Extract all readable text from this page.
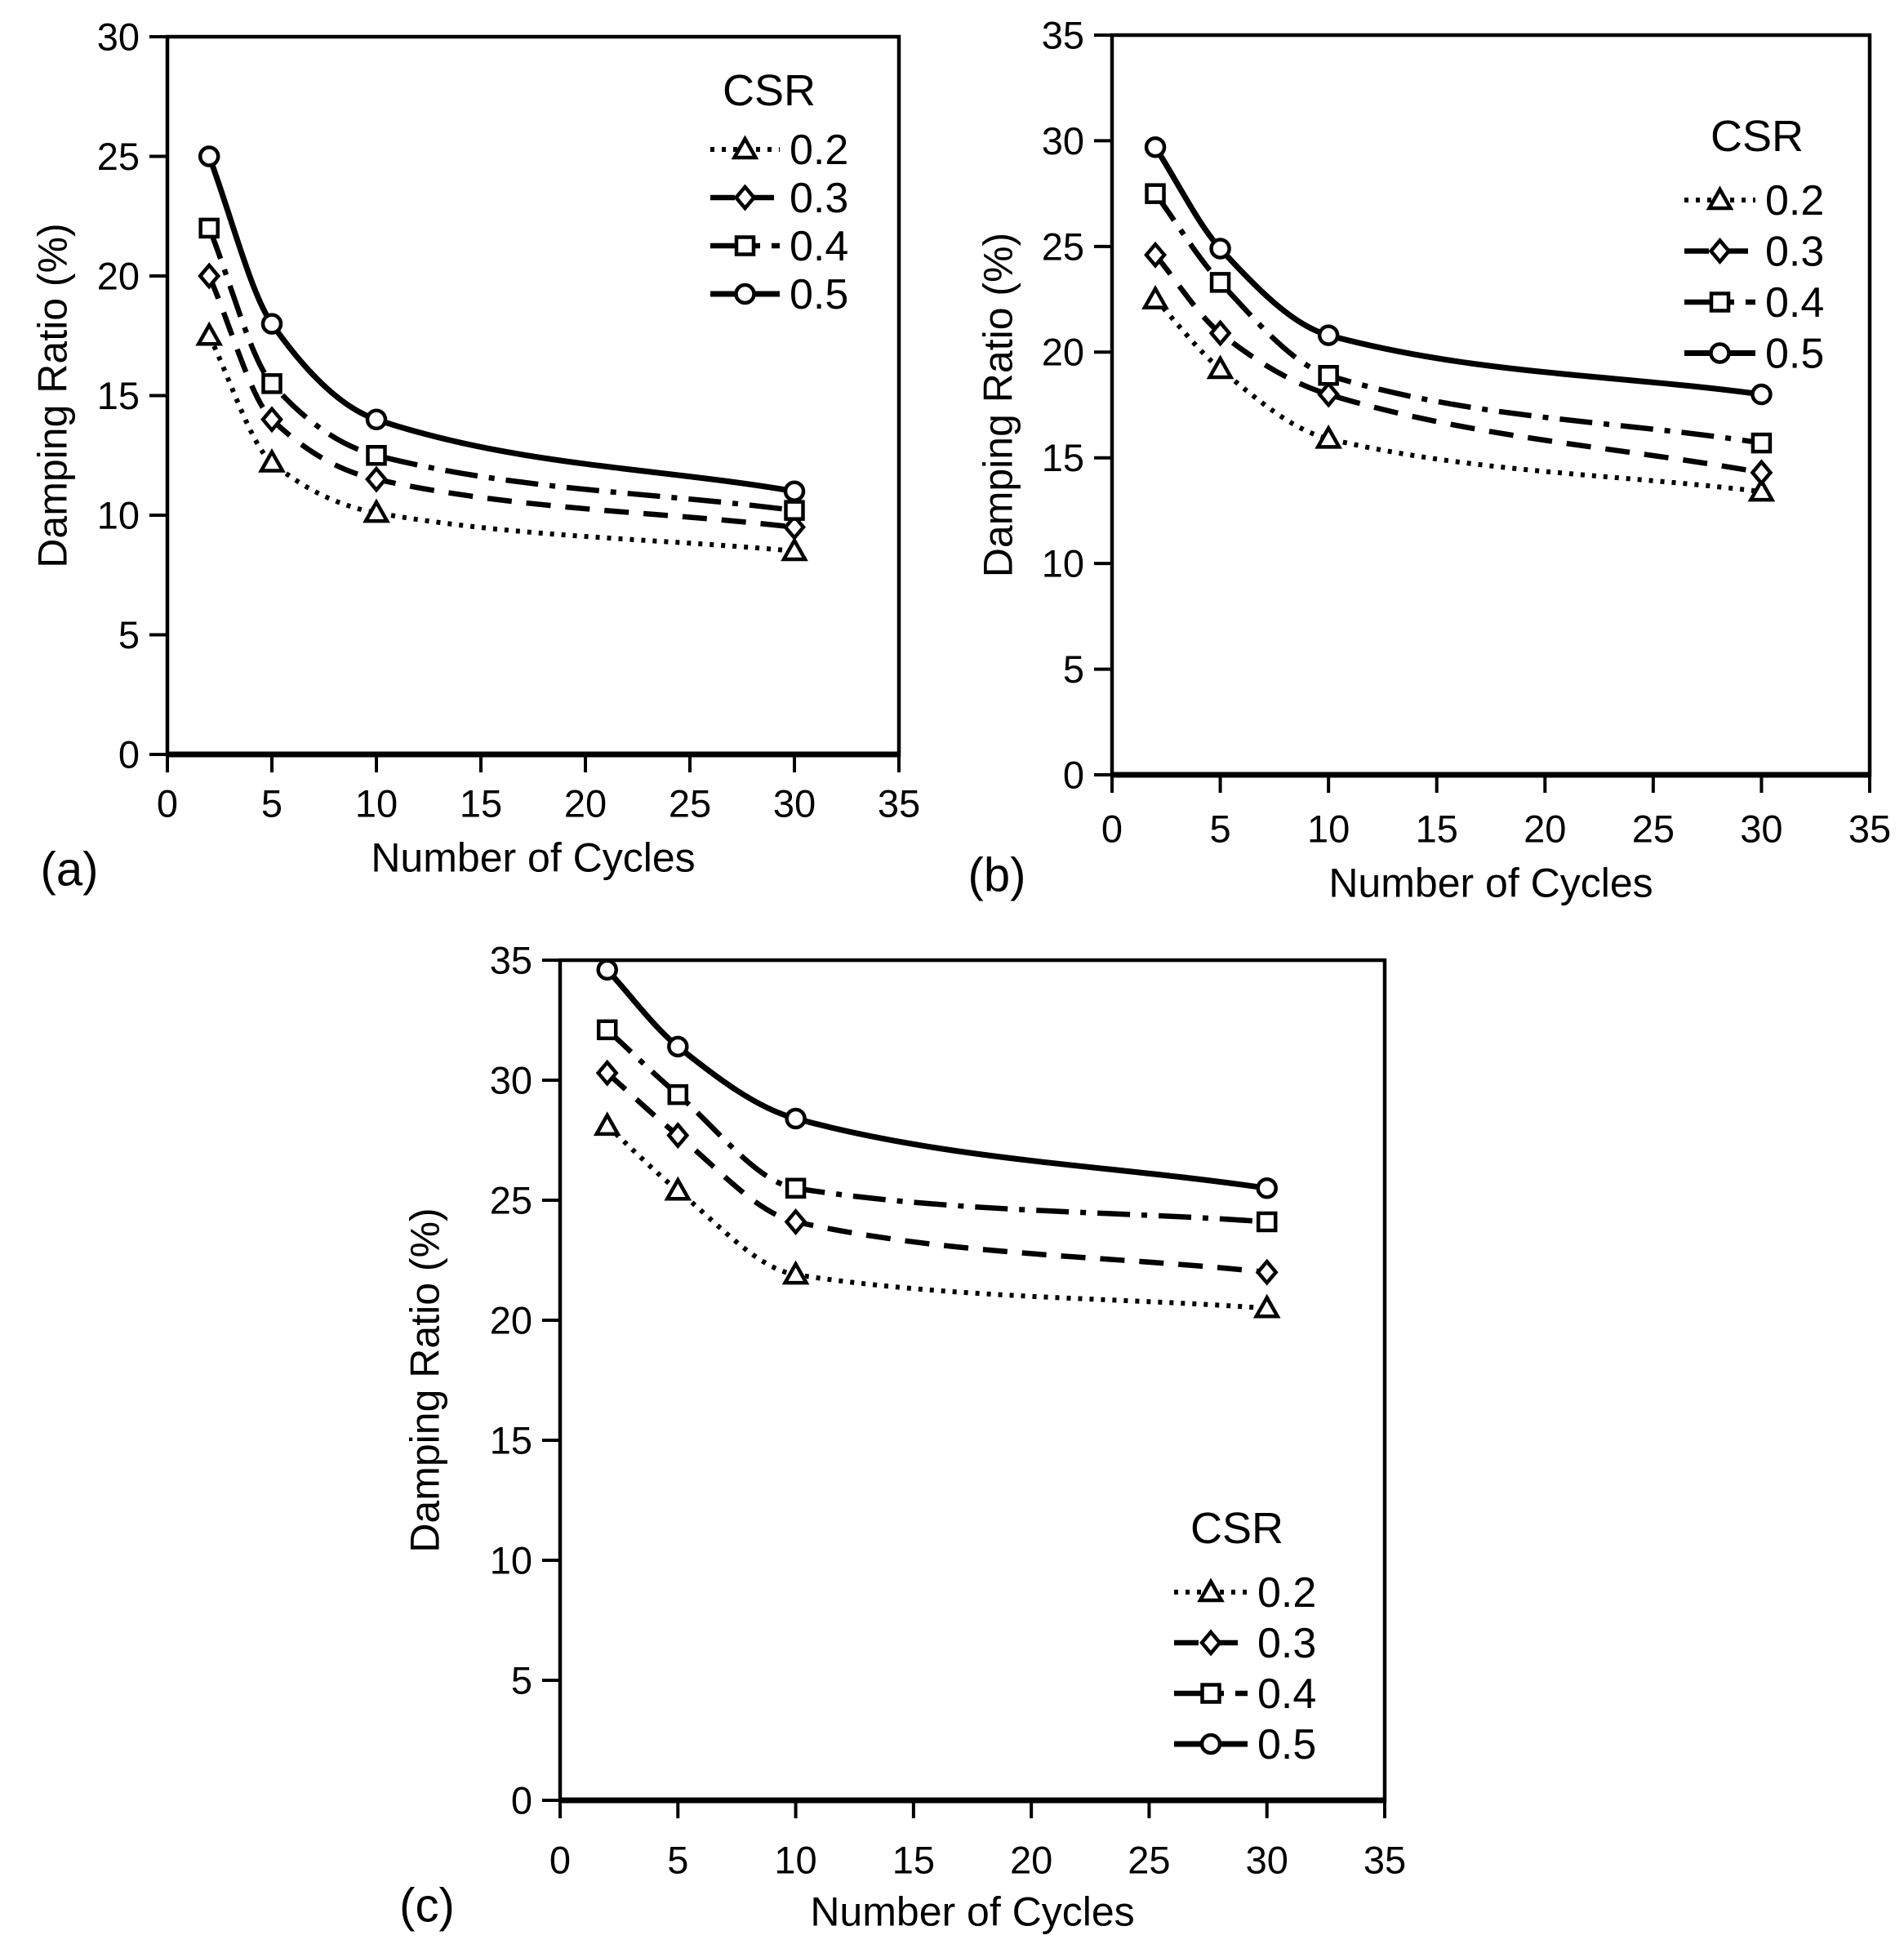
0 5 10 15 20 25 30 35
0
5
10
15
20
25
30
Number of Cycles
Damping Ratio (%)
CSR
0.2
0.3
0.4
0.5
(a)
0 5 10 15 20 25 30 35
0
5
10
15
20
25
30
35
Number of Cycles
Damping Ratio (%)
CSR
0.2
0.3
0.4
0.5
(b)
0	5 10 15 20 25 30 35
0
5
10
15
20
25
30
35
Number of Cycles
Damping Ratio (%)	CSR
0.2
0.3
0.4
0.5
(c)
